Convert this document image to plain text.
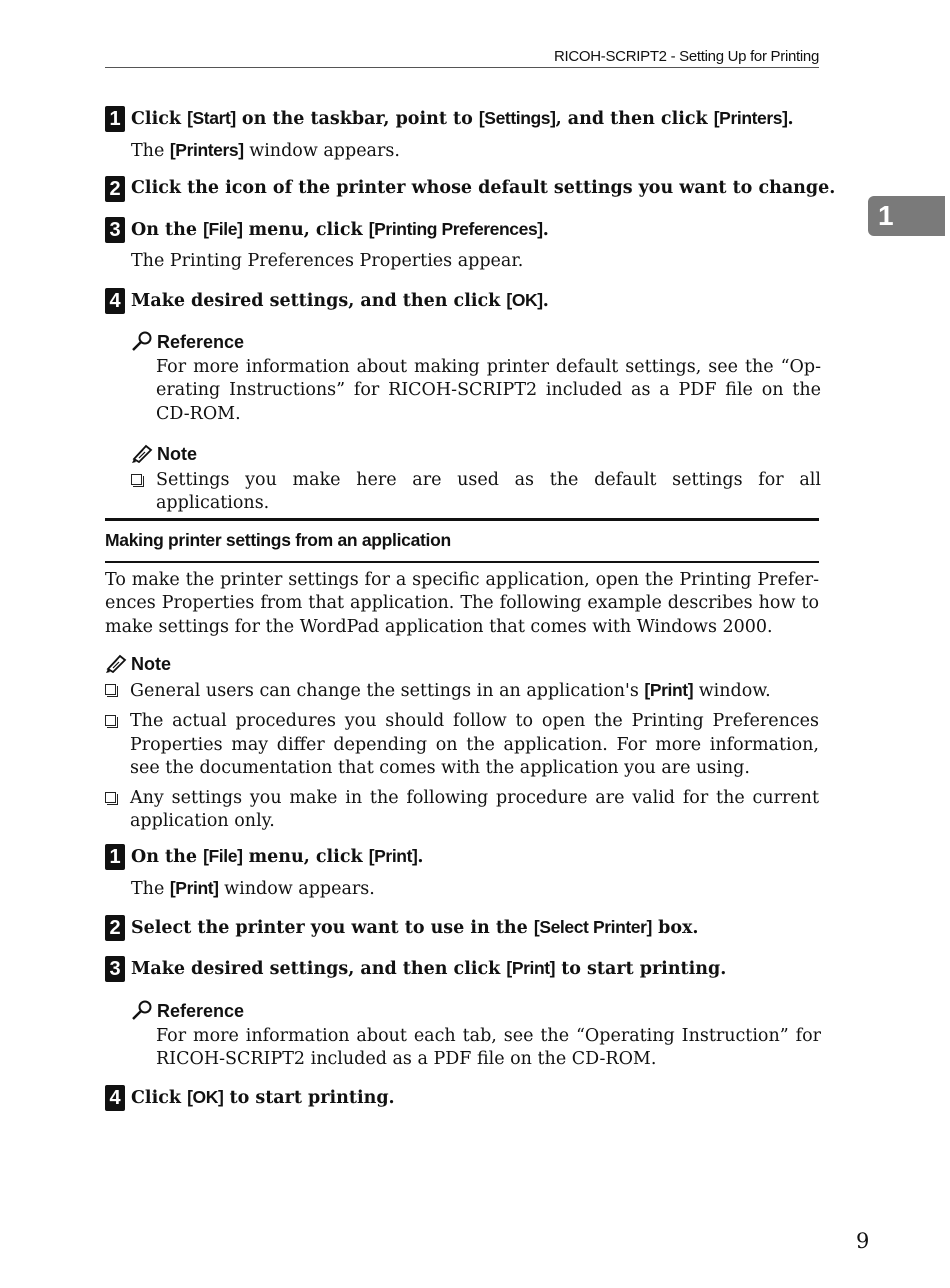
RICOH-SCRIPT2 - Setting Up for Printing
1
1 Click [Start] on the taskbar, point to [Settings], and then click [Printers].
The [Printers] window appears.
2 Click the icon of the printer whose default settings you want to change.
3 On the [File] menu, click [Printing Preferences].
The Printing Preferences Properties appear.
4 Make desired settings, and then click [OK].
Reference
For more information about making printer default settings, see the “Op- erating Instructions” for RICOH-SCRIPT2 included as a PDF file on the CD-ROM.
Note
Settings you make here are used as the default settings for all applications.
Making printer settings from an application
To make the printer settings for a specific application, open the Printing Prefer- ences Properties from that application. The following example describes how to make settings for the WordPad application that comes with Windows 2000.
Note
General users can change the settings in an application's [Print] window.
The actual procedures you should follow to open the Printing Preferences Properties may differ depending on the application. For more information, see the documentation that comes with the application you are using.
Any settings you make in the following procedure are valid for the current application only.
1 On the [File] menu, click [Print].
The [Print] window appears.
2 Select the printer you want to use in the [Select Printer] box.
3 Make desired settings, and then click [Print] to start printing.
Reference
For more information about each tab, see the “Operating Instruction” for RICOH-SCRIPT2 included as a PDF file on the CD-ROM.
4 Click [OK] to start printing.
9
